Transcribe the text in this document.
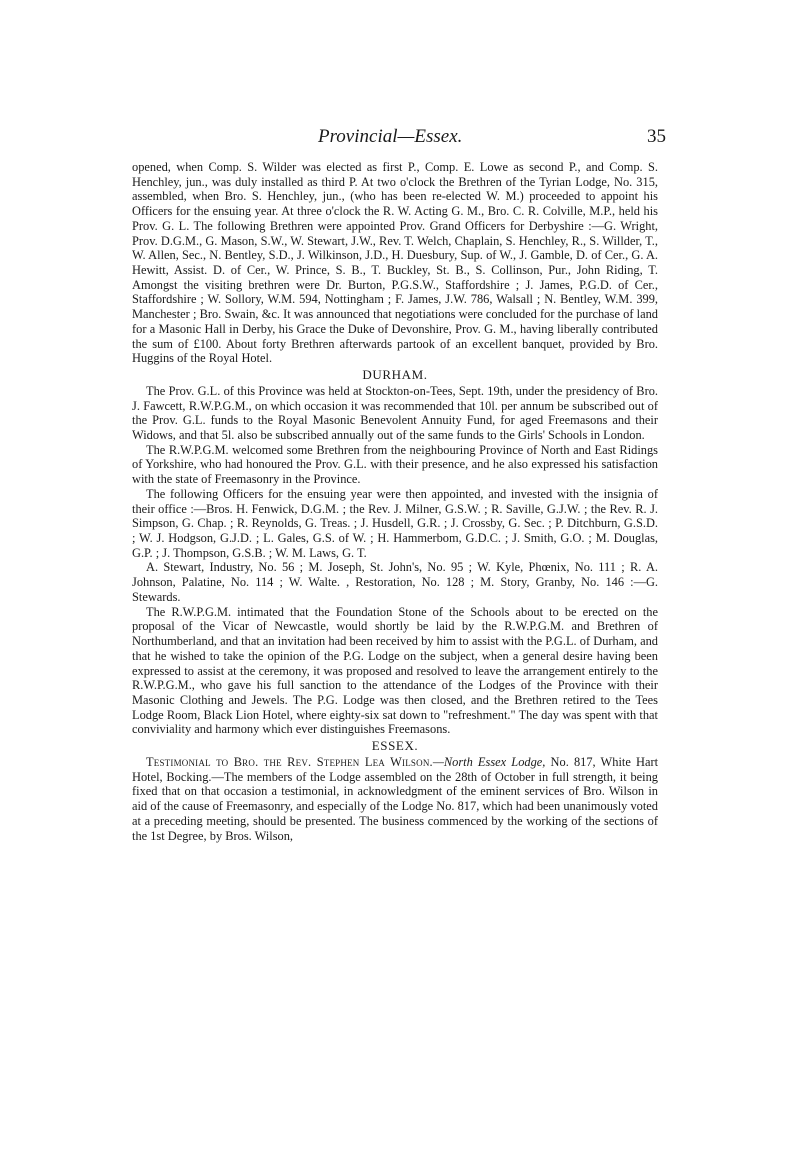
Provincial—Essex.	35

opened, when Comp. S. Wilder was elected as first P., Comp. E. Lowe as second P., and Comp. S. Henchley, jun., was duly installed as third P. At two o'clock the Brethren of the Tyrian Lodge, No. 315, assembled, when Bro. S. Henchley, jun., (who has been re-elected W. M.) proceeded to appoint his Officers for the ensuing year. At three o'clock the R. W. Acting G. M., Bro. C. R. Colville, M.P., held his Prov. G. L. The following Brethren were appointed Prov. Grand Officers for Derbyshire :—G. Wright, Prov. D.G.M., G. Mason, S.W., W. Stewart, J.W., Rev. T. Welch, Chaplain, S. Henchley, R., S. Willder, T., W. Allen, Sec., N. Bentley, S.D., J. Wilkinson, J.D., H. Duesbury, Sup. of W., J. Gamble, D. of Cer., G. A. Hewitt, Assist. D. of Cer., W. Prince, S. B., T. Buckley, St. B., S. Collinson, Pur., John Riding, T. Amongst the visiting brethren were Dr. Burton, P.G.S.W., Staffordshire ; J. James, P.G.D. of Cer., Staffordshire ; W. Sollory, W.M. 594, Nottingham ; F. James, J.W. 786, Walsall ; N. Bentley, W.M. 399, Manchester ; Bro. Swain, &c. It was announced that negotiations were concluded for the purchase of land for a Masonic Hall in Derby, his Grace the Duke of Devonshire, Prov. G. M., having liberally contributed the sum of £100. About forty Brethren afterwards partook of an excellent banquet, provided by Bro. Huggins of the Royal Hotel.

DURHAM.

The Prov. G.L. of this Province was held at Stockton-on-Tees, Sept. 19th, under the presidency of Bro. J. Fawcett, R.W.P.G.M., on which occasion it was recommended that 10l. per annum be subscribed out of the Prov. G.L. funds to the Royal Masonic Benevolent Annuity Fund, for aged Freemasons and their Widows, and that 5l. also be subscribed annually out of the same funds to the Girls' Schools in London.

The R.W.P.G.M. welcomed some Brethren from the neighbouring Province of North and East Ridings of Yorkshire, who had honoured the Prov. G.L. with their presence, and he also expressed his satisfaction with the state of Freemasonry in the Province.

The following Officers for the ensuing year were then appointed, and invested with the insignia of their office :—Bros. H. Fenwick, D.G.M. ; the Rev. J. Milner, G.S.W. ; R. Saville, G.J.W. ; the Rev. R. J. Simpson, G. Chap. ; R. Reynolds, G. Treas. ; J. Husdell, G.R. ; J. Crossby, G. Sec. ; P. Ditchburn, G.S.D. ; W. J. Hodgson, G.J.D. ; L. Gales, G.S. of W. ; H. Hammerbom, G.D.C. ; J. Smith, G.O. ; M. Douglas, G.P. ; J. Thompson, G.S.B. ; W. M. Laws, G. T.

A. Stewart, Industry, No. 56 ; M. Joseph, St. John's, No. 95 ; W. Kyle, Phœnix, No. 111 ; R. A. Johnson, Palatine, No. 114 ; W. Walte. , Restoration, No. 128 ; M. Story, Granby, No. 146 :—G. Stewards.

The R.W.P.G.M. intimated that the Foundation Stone of the Schools about to be erected on the proposal of the Vicar of Newcastle, would shortly be laid by the R.W.P.G.M. and Brethren of Northumberland, and that an invitation had been received by him to assist with the P.G.L. of Durham, and that he wished to take the opinion of the P.G. Lodge on the subject, when a general desire having been expressed to assist at the ceremony, it was proposed and resolved to leave the arrangement entirely to the R.W.P.G.M., who gave his full sanction to the attendance of the Lodges of the Province with their Masonic Clothing and Jewels. The P.G. Lodge was then closed, and the Brethren retired to the Tees Lodge Room, Black Lion Hotel, where eighty-six sat down to "refreshment." The day was spent with that conviviality and harmony which ever distinguishes Freemasons.

ESSEX.

Testimonial to Bro. the Rev. Stephen Lea Wilson.—North Essex Lodge, No. 817, White Hart Hotel, Bocking.—The members of the Lodge assembled on the 28th of October in full strength, it being fixed that on that occasion a testimonial, in acknowledgment of the eminent services of Bro. Wilson in aid of the cause of Freemasonry, and especially of the Lodge No. 817, which had been unanimously voted at a preceding meeting, should be presented. The business commenced by the working of the sections of the 1st Degree, by Bros. Wilson,
